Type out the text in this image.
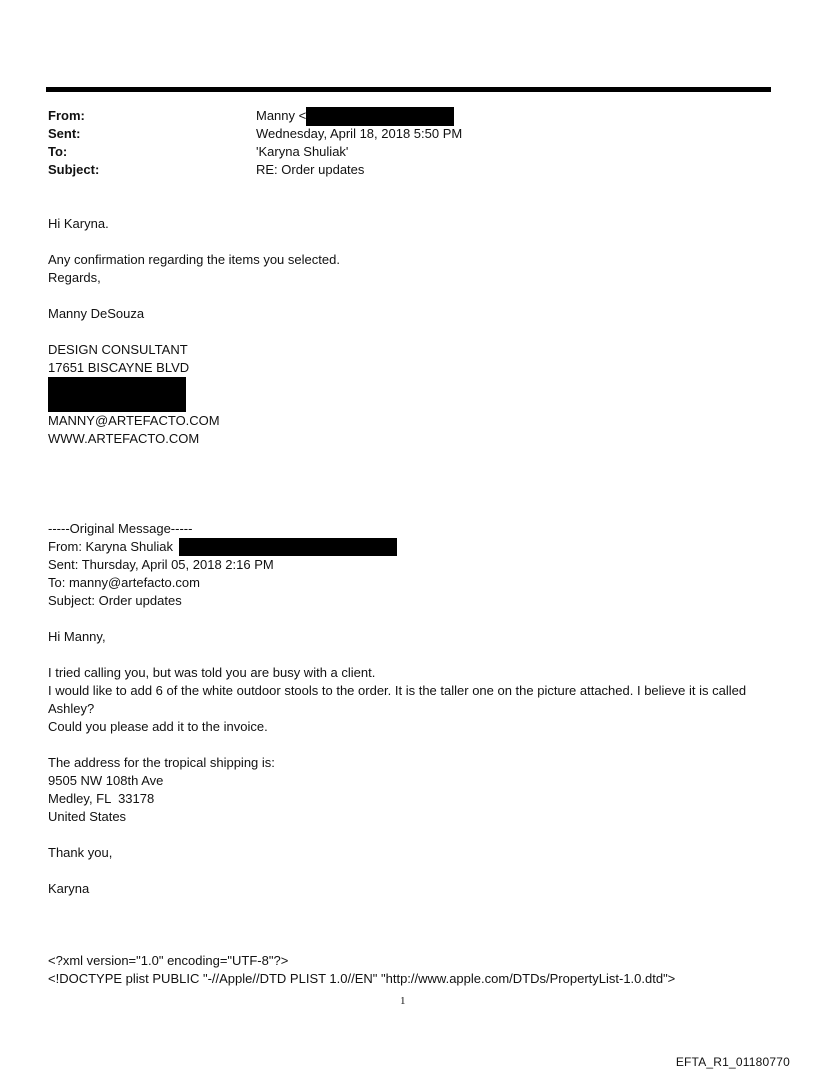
From:	Manny <
Sent:	Wednesday, April 18, 2018 5:50 PM
To:	'Karyna Shuliak'
Subject:	RE: Order updates
Hi Karyna.
Any confirmation regarding the items you selected.
Regards,
Manny DeSouza
DESIGN CONSULTANT
17651 BISCAYNE BLVD
MANNY@ARTEFACTO.COM
WWW.ARTEFACTO.COM
-----Original Message-----
From: Karyna Shuliak
Sent: Thursday, April 05, 2018 2:16 PM
To: manny@artefacto.com
Subject: Order updates
Hi Manny,
I tried calling you, but was told you are busy with a client.
I would like to add 6 of the white outdoor stools to the order. It is the taller one on the picture attached. I believe it is called Ashley?
Could you please add it to the invoice.
The address for the tropical shipping is:
9505 NW 108th Ave
Medley, FL  33178
United States
Thank you,
Karyna
<?xml version="1.0" encoding="UTF-8"?>
<!DOCTYPE plist PUBLIC "-//Apple//DTD PLIST 1.0//EN" "http://www.apple.com/DTDs/PropertyList-1.0.dtd">
1
EFTA_R1_01180770
